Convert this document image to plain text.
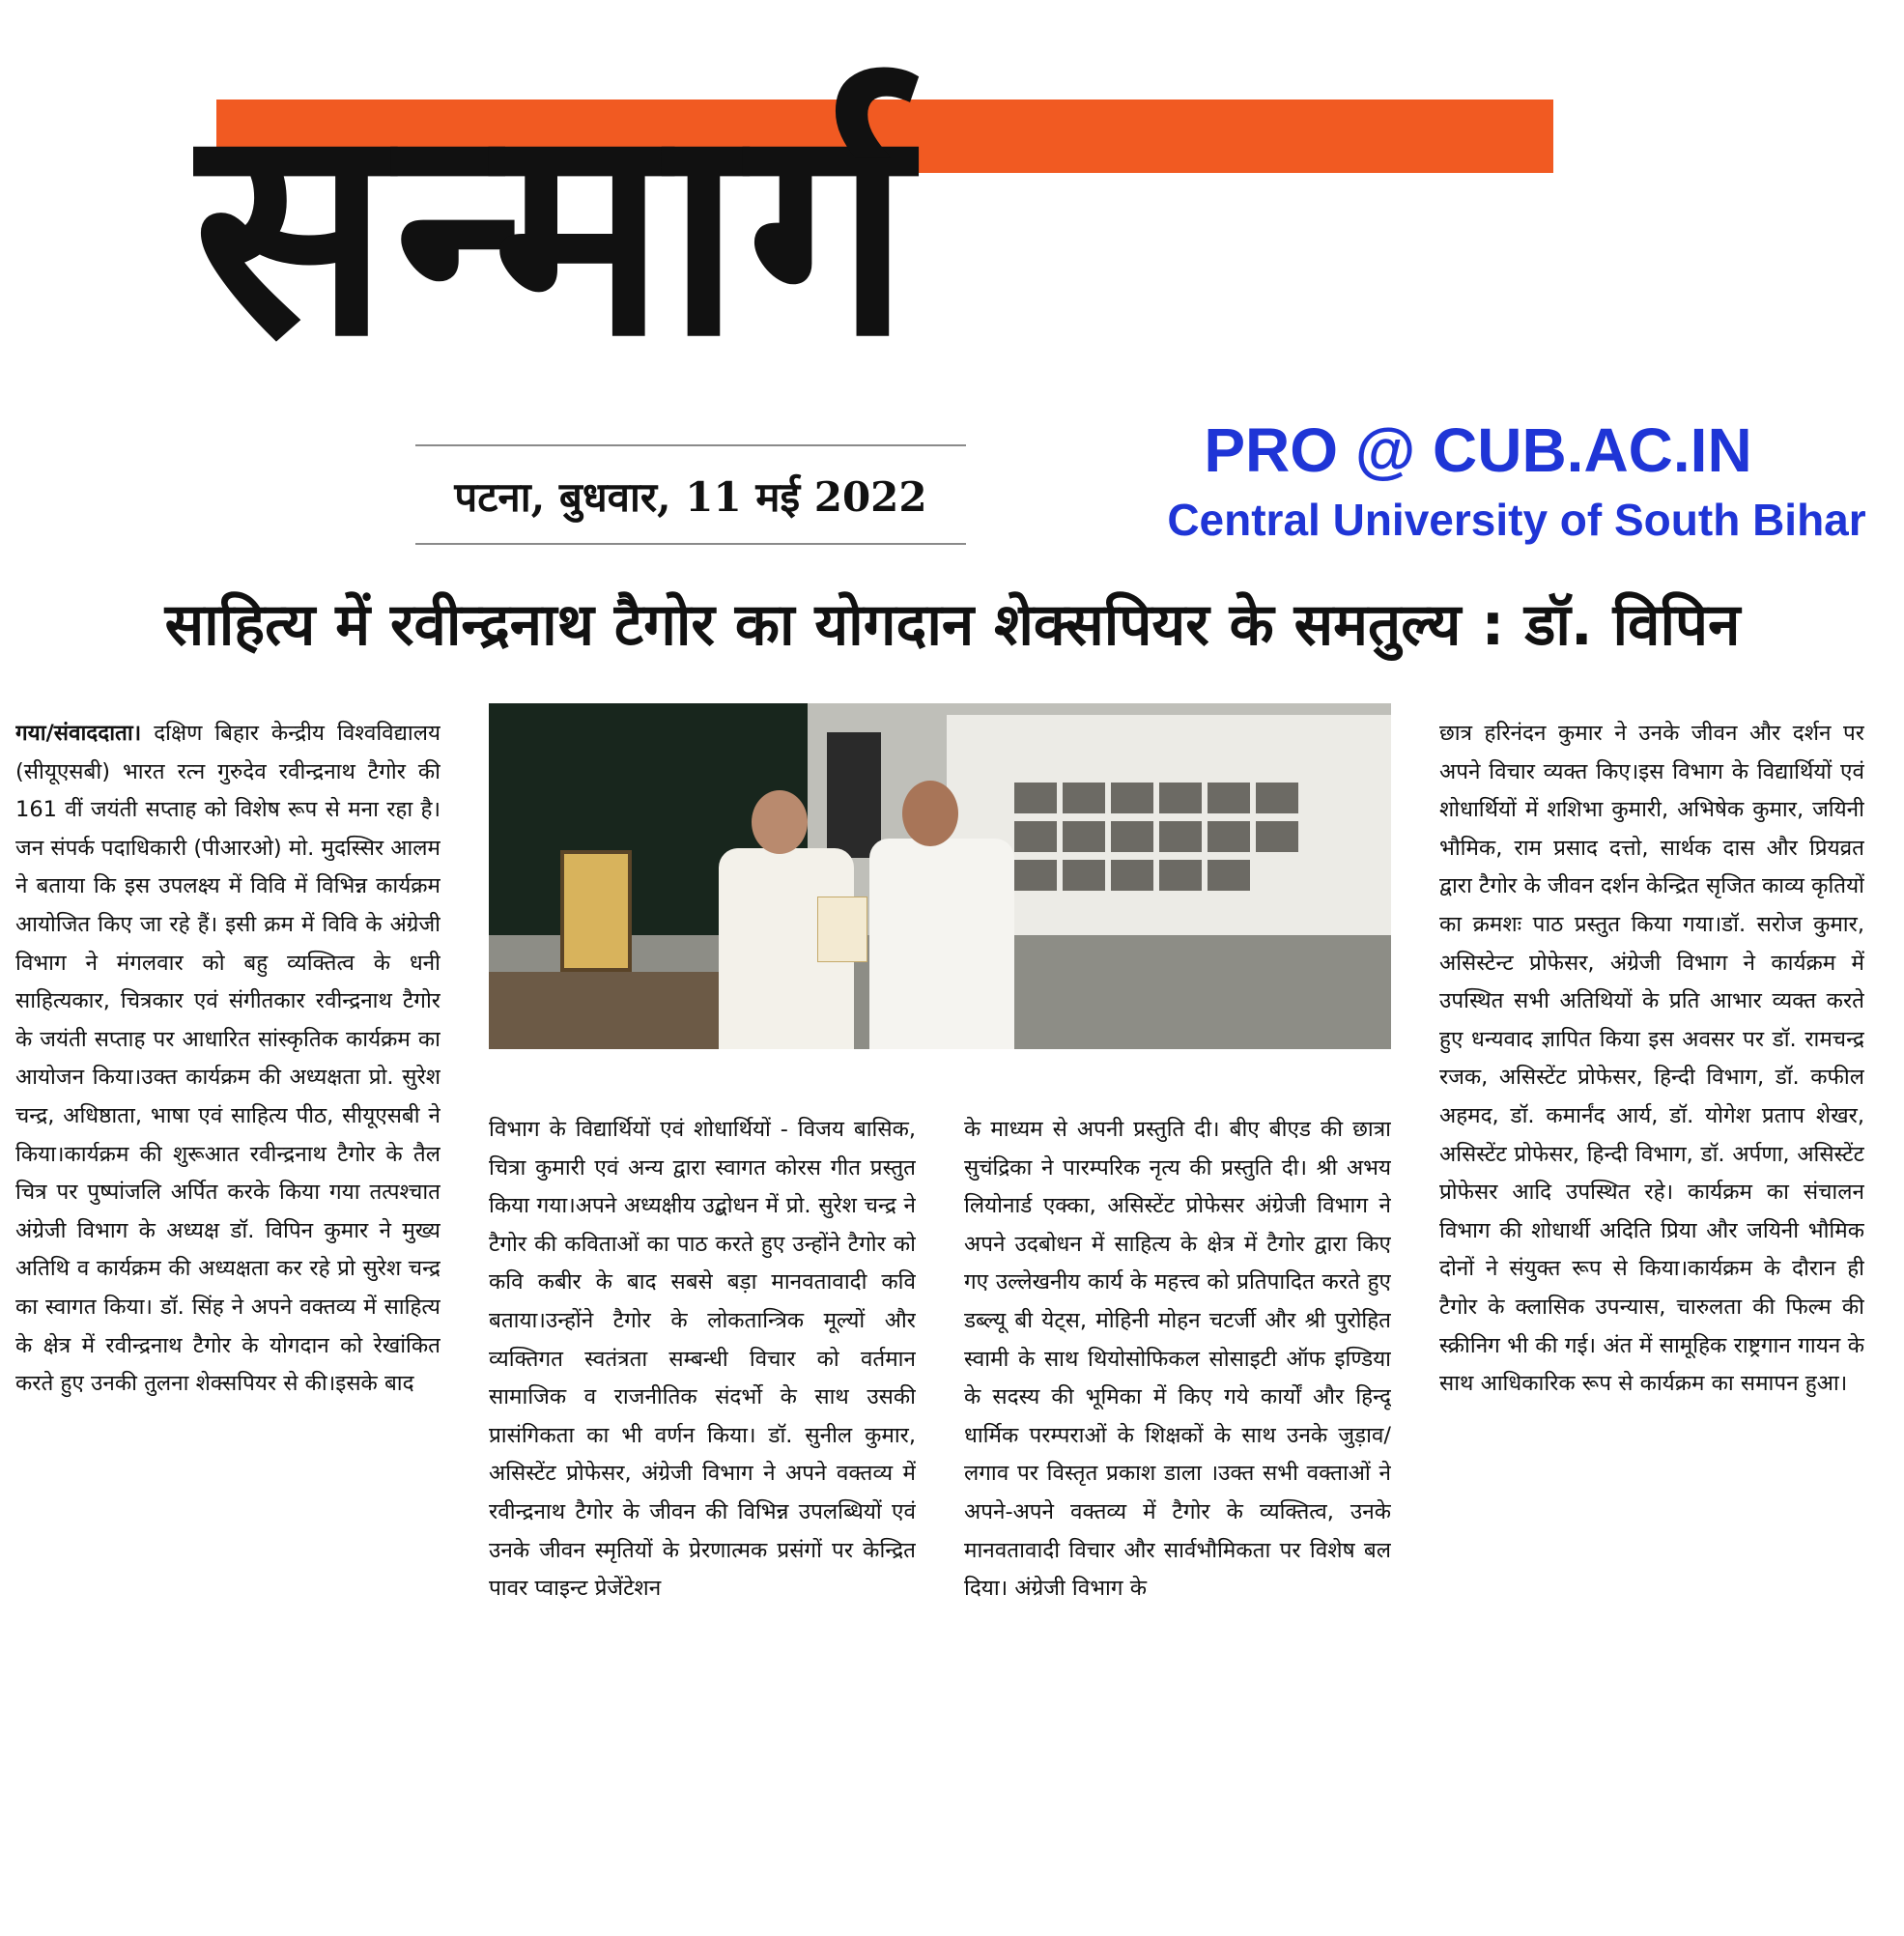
सन्मार्ग

पटना, बुधवार, 11 मई 2022

PRO @ CUB.AC.IN

Central University of South Bihar

साहित्य में रवीन्द्रनाथ टैगोर का योगदान शेक्सपियर के समतुल्य : डॉ. विपिन

गया/संवाददाता। दक्षिण बिहार केन्द्रीय विश्वविद्यालय (सीयूएसबी) भारत रत्न गुरुदेव रवीन्द्रनाथ टैगोर की 161 वीं जयंती सप्ताह को विशेष रूप से मना रहा है। जन संपर्क पदाधिकारी (पीआरओ) मो. मुदस्सिर आलम ने बताया कि इस उपलक्ष्य में विवि में विभिन्न कार्यक्रम आयोजित किए जा रहे हैं। इसी क्रम में विवि के अंग्रेजी विभाग ने मंगलवार को बहु व्यक्तित्व के धनी साहित्यकार, चित्रकार एवं संगीतकार रवीन्द्रनाथ टैगोर के जयंती सप्ताह पर आधारित सांस्कृतिक कार्यक्रम का आयोजन किया।उक्त कार्यक्रम की अध्यक्षता प्रो. सुरेश चन्द्र, अधिष्ठाता, भाषा एवं साहित्य पीठ, सीयूएसबी ने किया।कार्यक्रम की शुरूआत रवीन्द्रनाथ टैगोर के तैल चित्र पर पुष्पांजलि अर्पित करके किया गया तत्पश्चात अंग्रेजी विभाग के अध्यक्ष डॉ. विपिन कुमार ने मुख्य अतिथि व कार्यक्रम की अध्यक्षता कर रहे प्रो सुरेश चन्द्र का स्वागत किया। डॉ. सिंह ने अपने वक्तव्य में साहित्य के क्षेत्र में रवीन्द्रनाथ टैगोर के योगदान को रेखांकित करते हुए उनकी तुलना शेक्सपियर से की।इसके बाद

विभाग के विद्यार्थियों एवं शोधार्थियों - विजय बासिक, चित्रा कुमारी एवं अन्य द्वारा स्वागत कोरस गीत प्रस्तुत किया गया।अपने अध्यक्षीय उद्बोधन में प्रो. सुरेश चन्द्र ने टैगोर की कविताओं का पाठ करते हुए उन्होंने टैगोर को कवि कबीर के बाद सबसे बड़ा मानवतावादी कवि बताया।उन्होंने टैगोर के लोकतान्त्रिक मूल्यों और व्यक्तिगत स्वतंत्रता सम्बन्धी विचार को वर्तमान सामाजिक व राजनीतिक संदर्भो के साथ उसकी प्रासंगिकता का भी वर्णन किया। डॉ. सुनील कुमार, असिस्टेंट प्रोफेसर, अंग्रेजी विभाग ने अपने वक्तव्य में रवीन्द्रनाथ टैगोर के जीवन की विभिन्न उपलब्धियों एवं उनके जीवन स्मृतियों के प्रेरणात्मक प्रसंगों पर केन्द्रित पावर प्वाइन्ट प्रेजेंटेशन

के माध्यम से अपनी प्रस्तुति दी। बीए बीएड की छात्रा सुचंद्रिका ने पारम्परिक नृत्य की प्रस्तुति दी। श्री अभय लियोनार्ड एक्का, असिस्टेंट प्रोफेसर अंग्रेजी विभाग ने अपने उदबोधन में साहित्य के क्षेत्र में टैगोर द्वारा किए गए उल्लेखनीय कार्य के महत्त्व को प्रतिपादित करते हुए डब्ल्यू बी येट्स, मोहिनी मोहन चटर्जी और श्री पुरोहित स्वामी के साथ थियोसोफिकल सोसाइटी ऑफ इण्डिया के सदस्य की भूमिका में किए गये कार्यों और हिन्दू धार्मिक परम्पराओं के शिक्षकों के साथ उनके जुड़ाव/ लगाव पर विस्तृत प्रकाश डाला ।उक्त सभी वक्ताओं ने अपने-अपने वक्तव्य में टैगोर के व्यक्तित्व, उनके मानवतावादी विचार और सार्वभौमिकता पर विशेष बल दिया। अंग्रेजी विभाग के

छात्र हरिनंदन कुमार ने उनके जीवन और दर्शन पर अपने विचार व्यक्त किए।इस विभाग के विद्यार्थियों एवं शोधार्थियों में शशिभा कुमारी, अभिषेक कुमार, जयिनी भौमिक, राम प्रसाद दत्तो, सार्थक दास और प्रियव्रत द्वारा टैगोर के जीवन दर्शन केन्द्रित सृजित काव्य कृतियों का क्रमशः पाठ प्रस्तुत किया गया।डॉ. सरोज कुमार, असिस्टेन्ट प्रोफेसर, अंग्रेजी विभाग ने कार्यक्रम में उपस्थित सभी अतिथियों के प्रति आभार व्यक्त करते हुए धन्यवाद ज्ञापित किया इस अवसर पर डॉ. रामचन्द्र रजक, असिस्टेंट प्रोफेसर, हिन्दी विभाग, डॉ. कफील अहमद, डॉ. कमार्नंद आर्य, डॉ. योगेश प्रताप शेखर, असिस्टेंट प्रोफेसर, हिन्दी विभाग, डॉ. अर्पणा, असिस्टेंट प्रोफेसर आदि उपस्थित रहे। कार्यक्रम का संचालन विभाग की शोधार्थी अदिति प्रिया और जयिनी भौमिक दोनों ने संयुक्त रूप से किया।कार्यक्रम के दौरान ही टैगोर के क्लासिक उपन्यास, चारुलता की फिल्म की स्क्रीनिग भी की गई। अंत में सामूहिक राष्ट्रगान गायन के साथ आधिकारिक रूप से कार्यक्रम का समापन हुआ।
